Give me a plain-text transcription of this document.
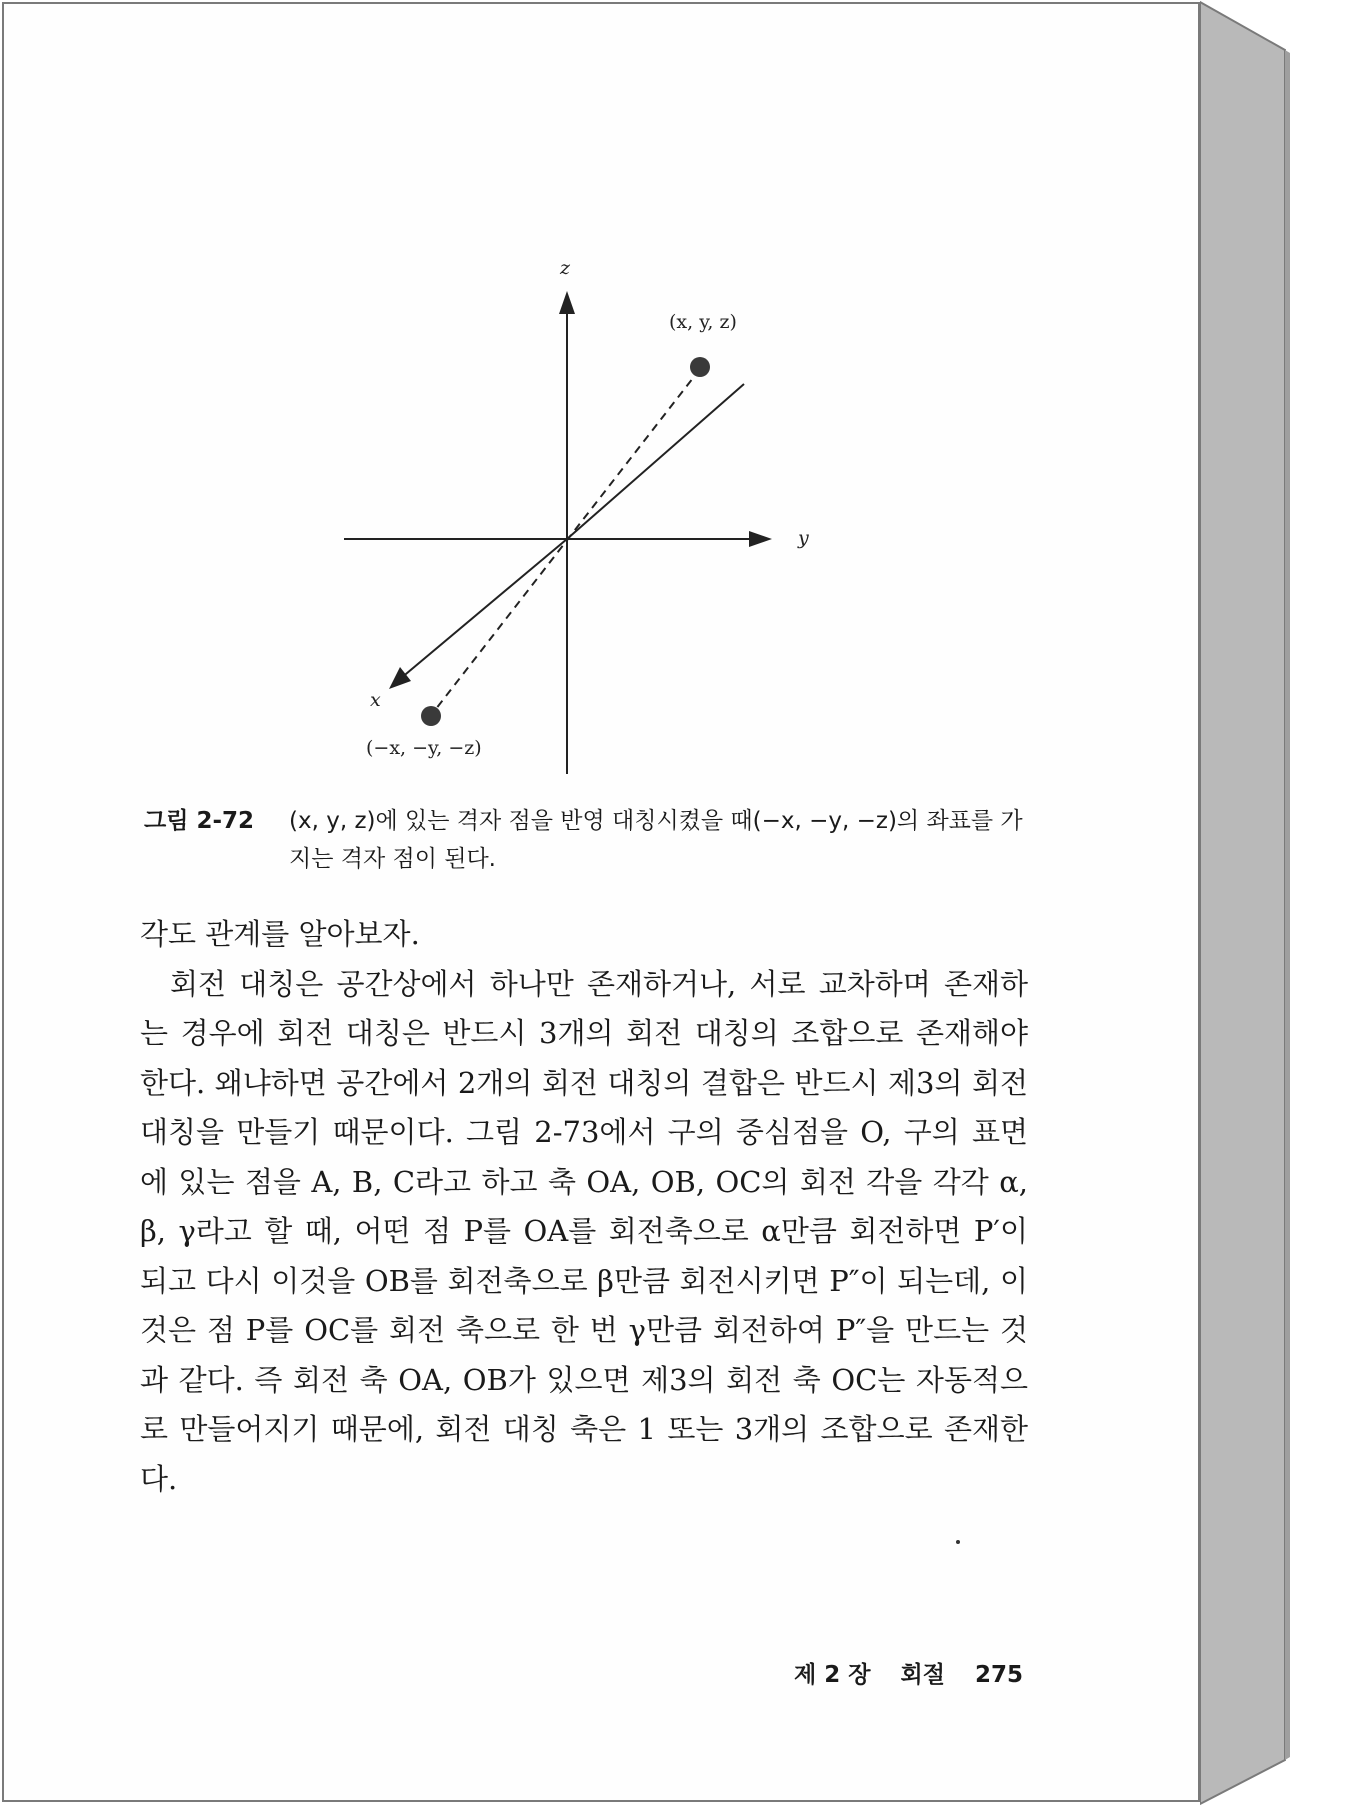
z
y
x
(x, y, z)
(−x, −y, −z)
그림 2-72 (x, y, z)에 있는 격자 점을 반영 대칭시켰을 때(−x, −y, −z)의 좌표를 가지는 격자 점이 된다.

각도 관계를 알아보자.

회전 대칭은 공간상에서 하나만 존재하거나, 서로 교차하며 존재하는 경우에 회전 대칭은 반드시 3개의 회전 대칭의 조합으로 존재해야 한다. 왜냐하면 공간에서 2개의 회전 대칭의 결합은 반드시 제3의 회전 대칭을 만들기 때문이다. 그림 2-73에서 구의 중심점을 O, 구의 표면에 있는 점을 A, B, C라고 하고 축 OA, OB, OC의 회전 각을 각각 α, β, γ라고 할 때, 어떤 점 P를 OA를 회전축으로 α만큼 회전하면 P′이 되고 다시 이것을 OB를 회전축으로 β만큼 회전시키면 P″이 되는데, 이것은 점 P를 OC를 회전 축으로 한 번 γ만큼 회전하여 P″을 만드는 것과 같다. 즉 회전 축 OA, OB가 있으면 제3의 회전 축 OC는 자동적으로 만들어지기 때문에, 회전 대칭 축은 1 또는 3개의 조합으로 존재한다.

제 2 장 회절 275
